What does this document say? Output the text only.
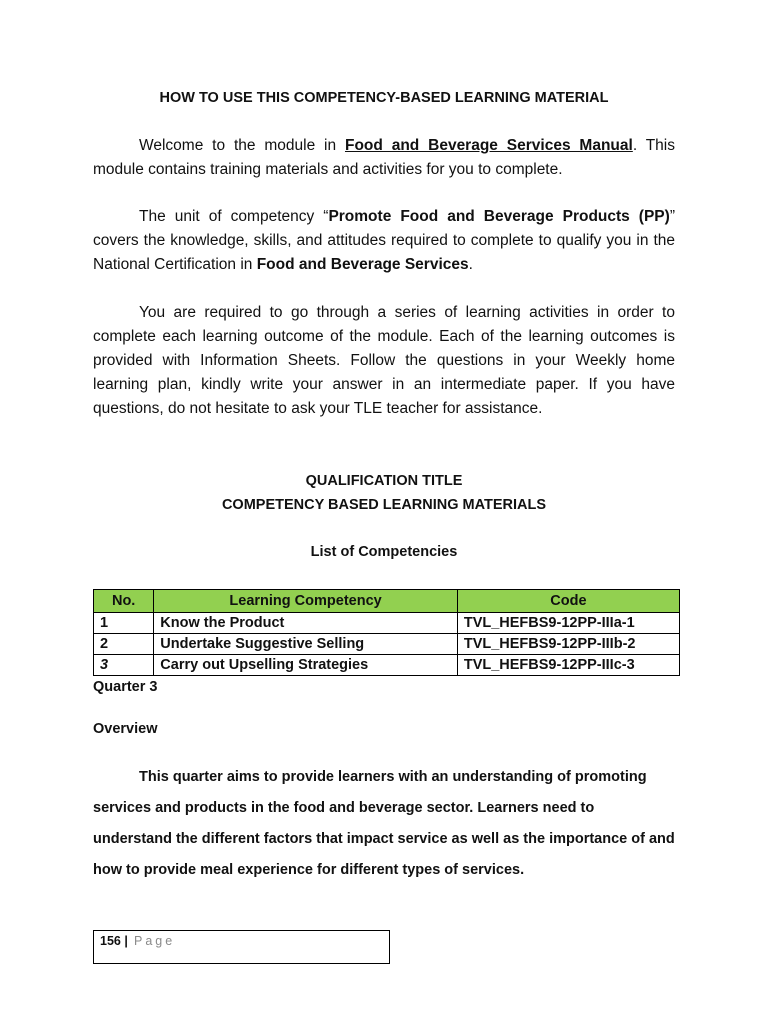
HOW TO USE THIS COMPETENCY-BASED LEARNING MATERIAL
Welcome to the module in Food and Beverage Services Manual. This module contains training materials and activities for you to complete.
The unit of competency “Promote Food and Beverage Products (PP)” covers the knowledge, skills, and attitudes required to complete to qualify you in the National Certification in Food and Beverage Services.
You are required to go through a series of learning activities in order to complete each learning outcome of the module. Each of the learning outcomes is provided with Information Sheets. Follow the questions in your Weekly home learning plan, kindly write your answer in an intermediate paper. If you have questions, do not hesitate to ask your TLE teacher for assistance.
QUALIFICATION TITLE
COMPETENCY BASED LEARNING MATERIALS
List of Competencies
No.	Learning Competency	Code
1	Know the Product	TVL_HEFBS9-12PP-IIIa-1
2	Undertake Suggestive Selling	TVL_HEFBS9-12PP-IIIb-2
3	Carry out Upselling Strategies	TVL_HEFBS9-12PP-IIIc-3
Quarter 3
Overview
This quarter aims to provide learners with an understanding of promoting services and products in the food and beverage sector. Learners need to understand the different factors that impact service as well as the importance of and how to provide meal experience for different types of services.
156 | Page
